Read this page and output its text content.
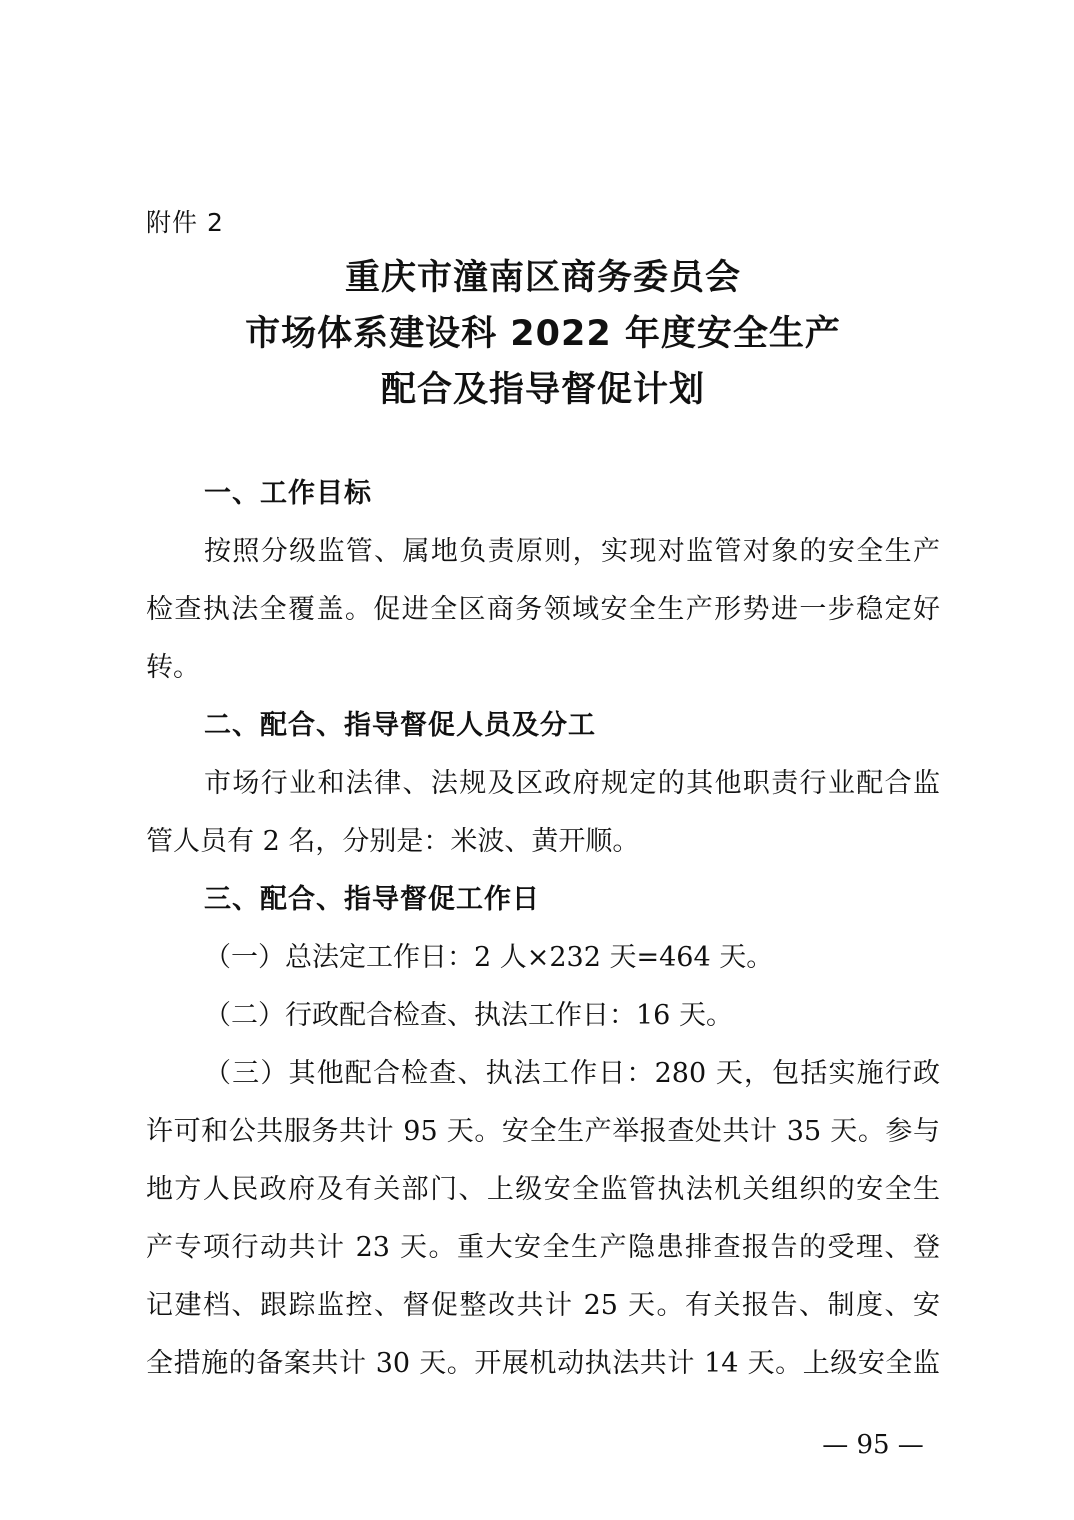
附件 2
重庆市潼南区商务委员会
市场体系建设科 2022 年度安全生产
配合及指导督促计划
一、工作目标
按照分级监管、属地负责原则，实现对监管对象的安全生产
检查执法全覆盖。促进全区商务领域安全生产形势进一步稳定好
转。
二、配合、指导督促人员及分工
市场行业和法律、法规及区政府规定的其他职责行业配合监
管人员有 2 名，分别是：米波、黄开顺。
三、配合、指导督促工作日
（一）总法定工作日：2 人×232 天=464 天。
（二）行政配合检查、执法工作日：16 天。
（三）其他配合检查、执法工作日：280 天，包括实施行政
许可和公共服务共计 95 天。安全生产举报查处共计 35 天。参与
地方人民政府及有关部门、上级安全监管执法机关组织的安全生
产专项行动共计 23 天。重大安全生产隐患排查报告的受理、登
记建档、跟踪监控、督促整改共计 25 天。有关报告、制度、安
全措施的备案共计 30 天。开展机动执法共计 14 天。上级安全监
— 95 —
